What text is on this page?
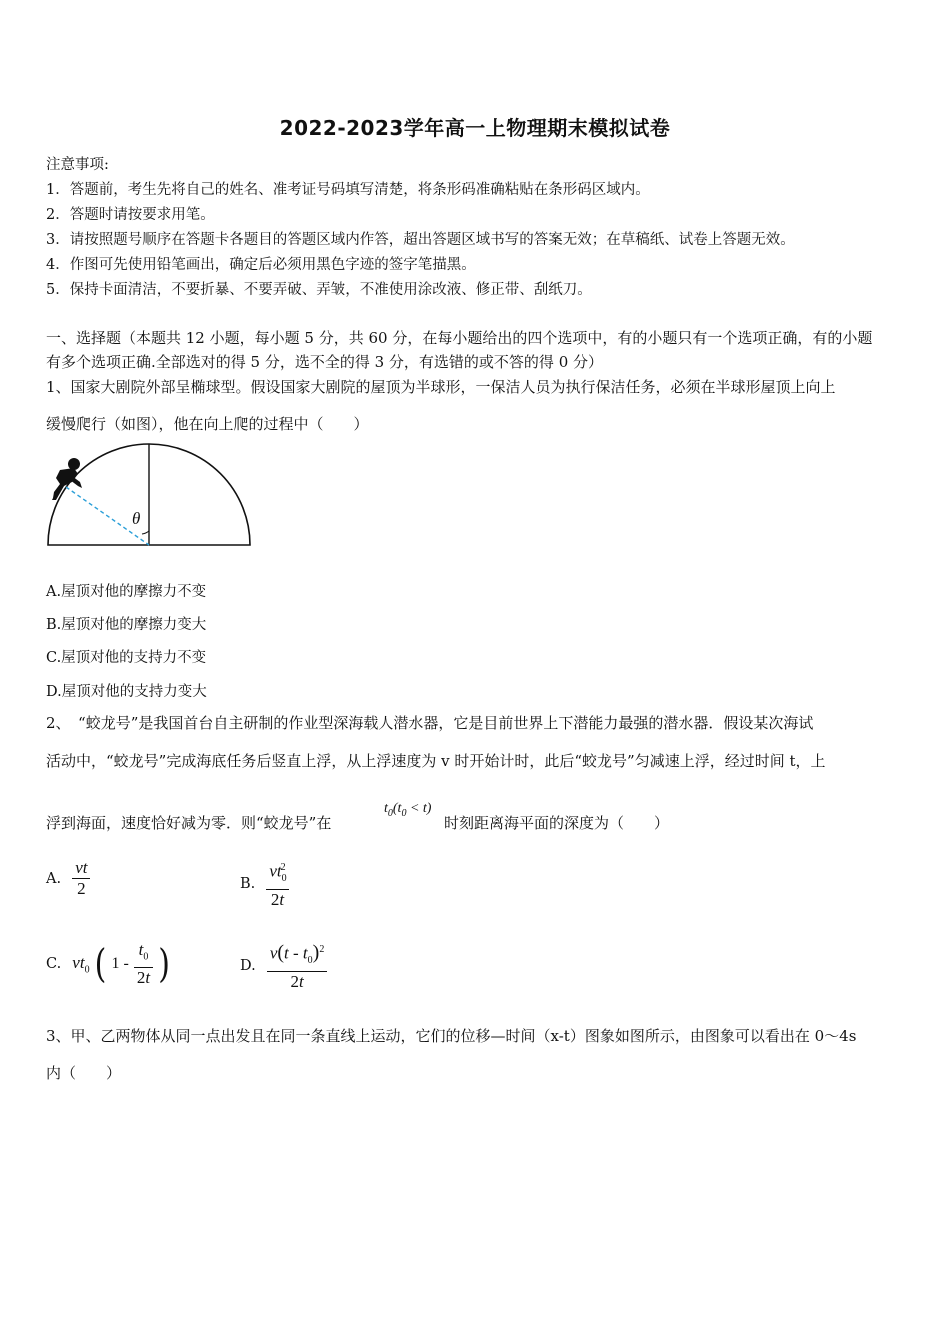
2022-2023学年高一上物理期末模拟试卷
注意事项:
1．答题前，考生先将自己的姓名、准考证号码填写清楚，将条形码准确粘贴在条形码区域内。
2．答题时请按要求用笔。
3．请按照题号顺序在答题卡各题目的答题区域内作答，超出答题区域书写的答案无效；在草稿纸、试卷上答题无效。
4．作图可先使用铅笔画出，确定后必须用黑色字迹的签字笔描黑。
5．保持卡面清洁，不要折暴、不要弄破、弄皱，不准使用涂改液、修正带、刮纸刀。
一、选择题（本题共 12 小题，每小题 5 分，共 60 分，在每小题给出的四个选项中，有的小题只有一个选项正确，有的小题
有多个选项正确.全部选对的得 5 分，选不全的得 3 分，有选错的或不答的得 0 分）
1、国家大剧院外部呈椭球型。假设国家大剧院的屋顶为半球形，一保洁人员为执行保洁任务，必须在半球形屋顶上向上
缓慢爬行（如图），他在向上爬的过程中（　　）
θ
A.屋顶对他的摩擦力不变
B.屋顶对他的摩擦力变大
C.屋顶对他的支持力不变
D.屋顶对他的支持力变大
2、　“蛟龙号”是我国首台自主研制的作业型深海载人潜水器，它是目前世界上下潜能力最强的潜水器．假设某次海试
活动中，“蛟龙号”完成海底任务后竖直上浮，从上浮速度为 v 时开始计时，此后“蛟龙号”匀减速上浮，经过时间 t，上
浮到海面，速度恰好减为零．则“蛟龙号”在
$t_0(t_0 < t)$
时刻距离海平面的深度为（　　）
A. $\frac{vt}{2}$	B. $\frac{vt_0^2}{2t}$
C. $vt_0$ ( $1 - \frac{t_0}{2t}$ )	D. $\frac{v(t - t_0)^2}{2t}$
3、甲、乙两物体从同一点出发且在同一条直线上运动，它们的位移—时间（x-t）图象如图所示，由图象可以看出在 0～4s
内（　　）
